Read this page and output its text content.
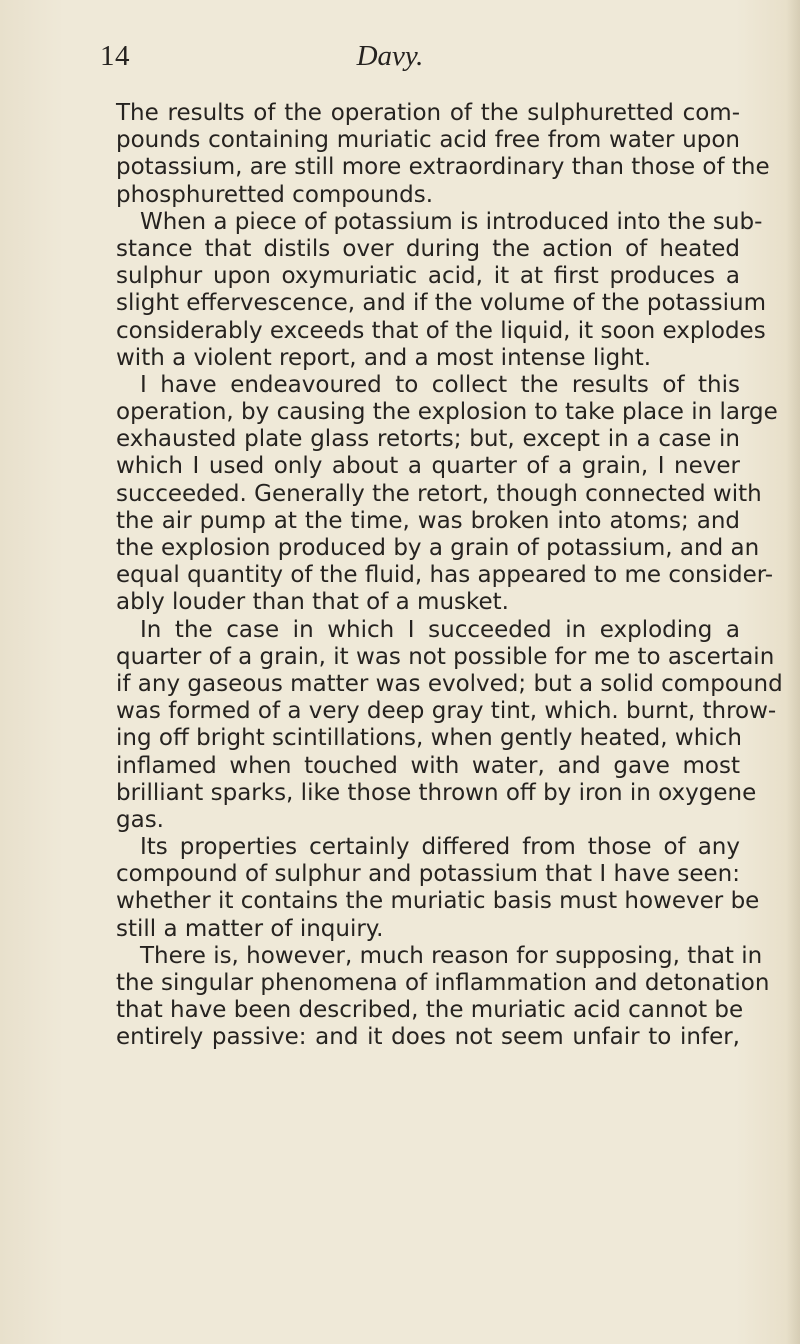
14	Davy.
The results of the operation of the sulphuretted com-
pounds containing muriatic acid free from water upon
potassium, are still more extraordinary than those of the
phosphuretted compounds.
When a piece of potassium is introduced into the sub-
stance that distils over during the action of heated
sulphur upon oxymuriatic acid, it at first produces a
slight effervescence, and if the volume of the potassium
considerably exceeds that of the liquid, it soon explodes
with a violent report, and a most intense light.
I have endeavoured to collect the results of this
operation, by causing the explosion to take place in large
exhausted plate glass retorts; but, except in a case in
which I used only about a quarter of a grain, I never
succeeded. Generally the retort, though connected with
the air pump at the time, was broken into atoms; and
the explosion produced by a grain of potassium, and an
equal quantity of the fluid, has appeared to me consider-
ably louder than that of a musket.
In the case in which I succeeded in exploding a
quarter of a grain, it was not possible for me to ascertain
if any gaseous matter was evolved; but a solid compound
was formed of a very deep gray tint, which. burnt, throw-
ing off bright scintillations, when gently heated, which
inflamed when touched with water, and gave most
brilliant sparks, like those thrown off by iron in oxygene
gas.
Its properties certainly differed from those of any
compound of sulphur and potassium that I have seen:
whether it contains the muriatic basis must however be
still a matter of inquiry.
There is, however, much reason for supposing, that in
the singular phenomena of inflammation and detonation
that have been described, the muriatic acid cannot be
entirely passive: and it does not seem unfair to infer,
